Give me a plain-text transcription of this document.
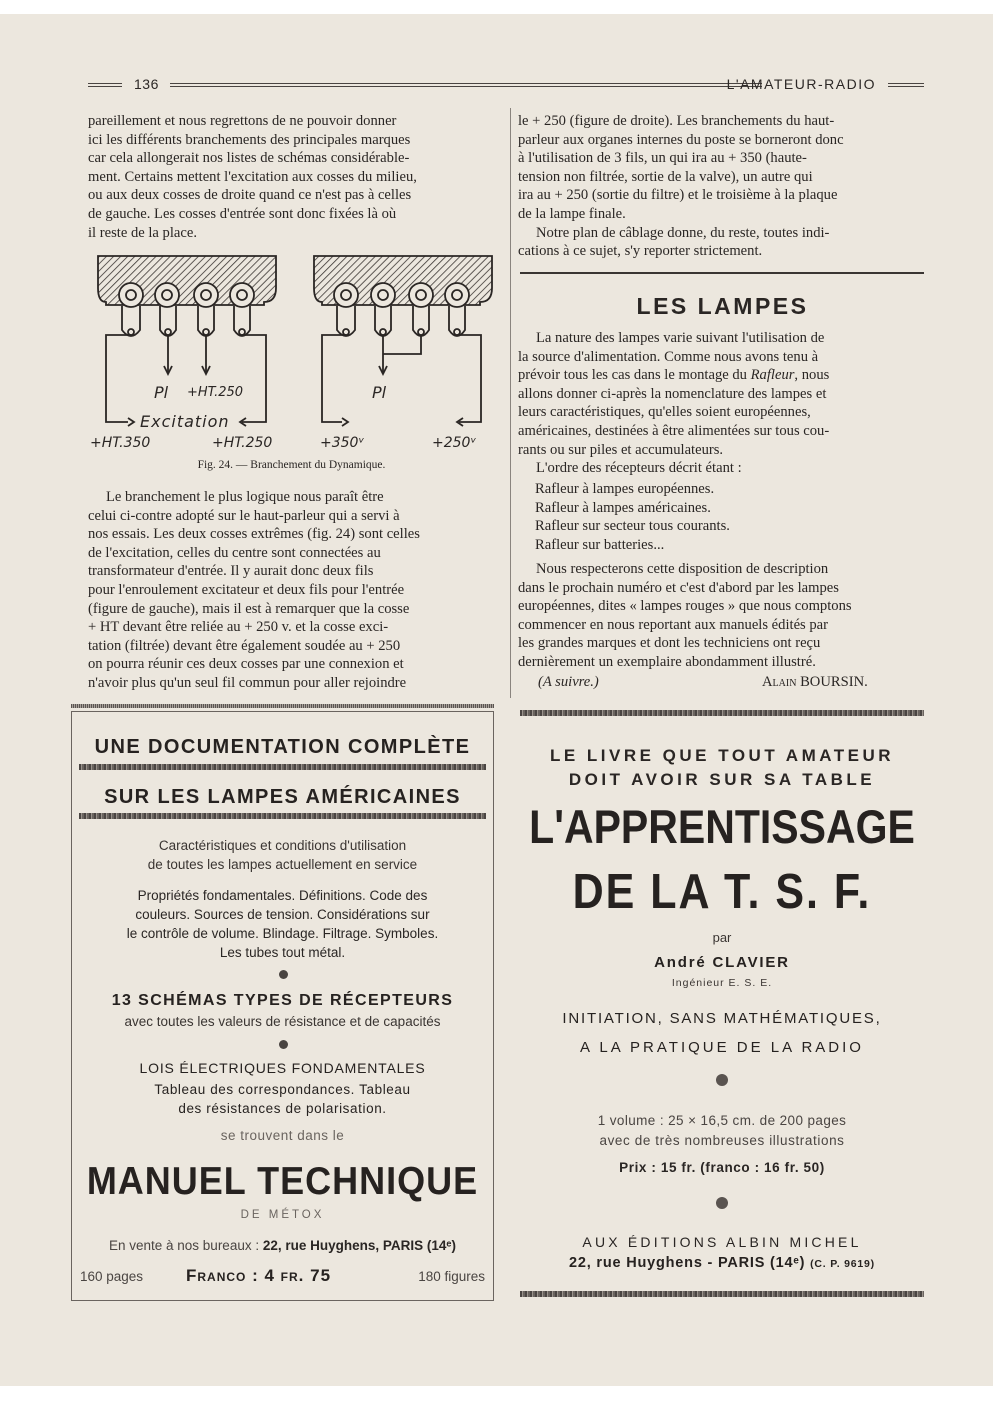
136	L'AMATEUR-RADIO

pareillement et nous regrettons de ne pouvoir donner

ici les différents branchements des principales marques

car cela allongerait nos listes de schémas considérable-

ment. Certains mettent l'excitation aux cosses du milieu,

ou aux deux cosses de droite quand ce n'est pas à celles

de gauche. Les cosses d'entrée sont donc fixées là où

il reste de la place.

Pl +HT.250
Excitation
+HT.350	+HT.250
Pl
+350ᵛ	+250ᵛ
Fig. 24. — Branchement du Dynamique.

Le branchement le plus logique nous paraît être

celui ci-contre adopté sur le haut-parleur qui a servi à

nos essais. Les deux cosses extrêmes (fig. 24) sont celles

de l'excitation, celles du centre sont connectées au

transformateur d'entrée. Il y aurait donc deux fils

pour l'enroulement excitateur et deux fils pour l'entrée

(figure de gauche), mais il est à remarquer que la cosse

+ HT devant être reliée au + 250 v. et la cosse exci-

tation (filtrée) devant être également soudée au + 250

on pourra réunir ces deux cosses par une connexion et

n'avoir plus qu'un seul fil commun pour aller rejoindre

le + 250 (figure de droite). Les branchements du haut-

parleur aux organes internes du poste se borneront donc

à l'utilisation de 3 fils, un qui ira au + 350 (haute-

tension non filtrée, sortie de la valve), un autre qui

ira au + 250 (sortie du filtre) et le troisième à la plaque

de la lampe finale.

Notre plan de câblage donne, du reste, toutes indi-

cations à ce sujet, s'y reporter strictement.

LES LAMPES

La nature des lampes varie suivant l'utilisation de

la source d'alimentation. Comme nous avons tenu à

prévoir tous les cas dans le montage du Rafleur, nous

allons donner ci-après la nomenclature des lampes et

leurs caractéristiques, qu'elles soient européennes,

américaines, destinées à être alimentées sur tous cou-

rants ou sur piles et accumulateurs.

L'ordre des récepteurs décrit étant :

Rafleur à lampes européennes.

Rafleur à lampes américaines.

Rafleur sur secteur tous courants.

Rafleur sur batteries...

Nous respecterons cette disposition de description

dans le prochain numéro et c'est d'abord par les lampes

européennes, dites « lampes rouges » que nous comptons

commencer en nous reportant aux manuels édités par

les grandes marques et dont les techniciens ont reçu

dernièrement un exemplaire abondamment illustré.

(A suivre.)	Alain BOURSIN.
UNE DOCUMENTATION COMPLÈTE
SUR LES LAMPES AMÉRICAINES
Caractéristiques et conditions d'utilisation
de toutes les lampes actuellement en service
Propriétés fondamentales. Définitions. Code des
couleurs. Sources de tension. Considérations sur
le contrôle de volume. Blindage. Filtrage. Symboles.
Les tubes tout métal.
13 SCHÉMAS TYPES DE RÉCEPTEURS
avec toutes les valeurs de résistance et de capacités
LOIS ÉLECTRIQUES FONDAMENTALES
Tableau des correspondances. Tableau
des résistances de polarisation.
se trouvent dans le
MANUEL TECHNIQUE
DE MÉTOX
En vente à nos bureaux : 22, rue Huyghens, PARIS (14ᵉ)
160 pages	Franco : 4 fr. 75	180 figures
LE LIVRE QUE TOUT AMATEUR
DOIT AVOIR SUR SA TABLE
L'APPRENTISSAGE
DE LA T. S. F.
par
André CLAVIER
Ingénieur E. S. E.
INITIATION, SANS MATHÉMATIQUES,
A LA PRATIQUE DE LA RADIO
1 volume : 25 × 16,5 cm. de 200 pages
avec de très nombreuses illustrations
Prix : 15 fr. (franco : 16 fr. 50)
AUX ÉDITIONS ALBIN MICHEL
22, rue Huyghens - PARIS (14ᵉ) (C. P. 9619)
